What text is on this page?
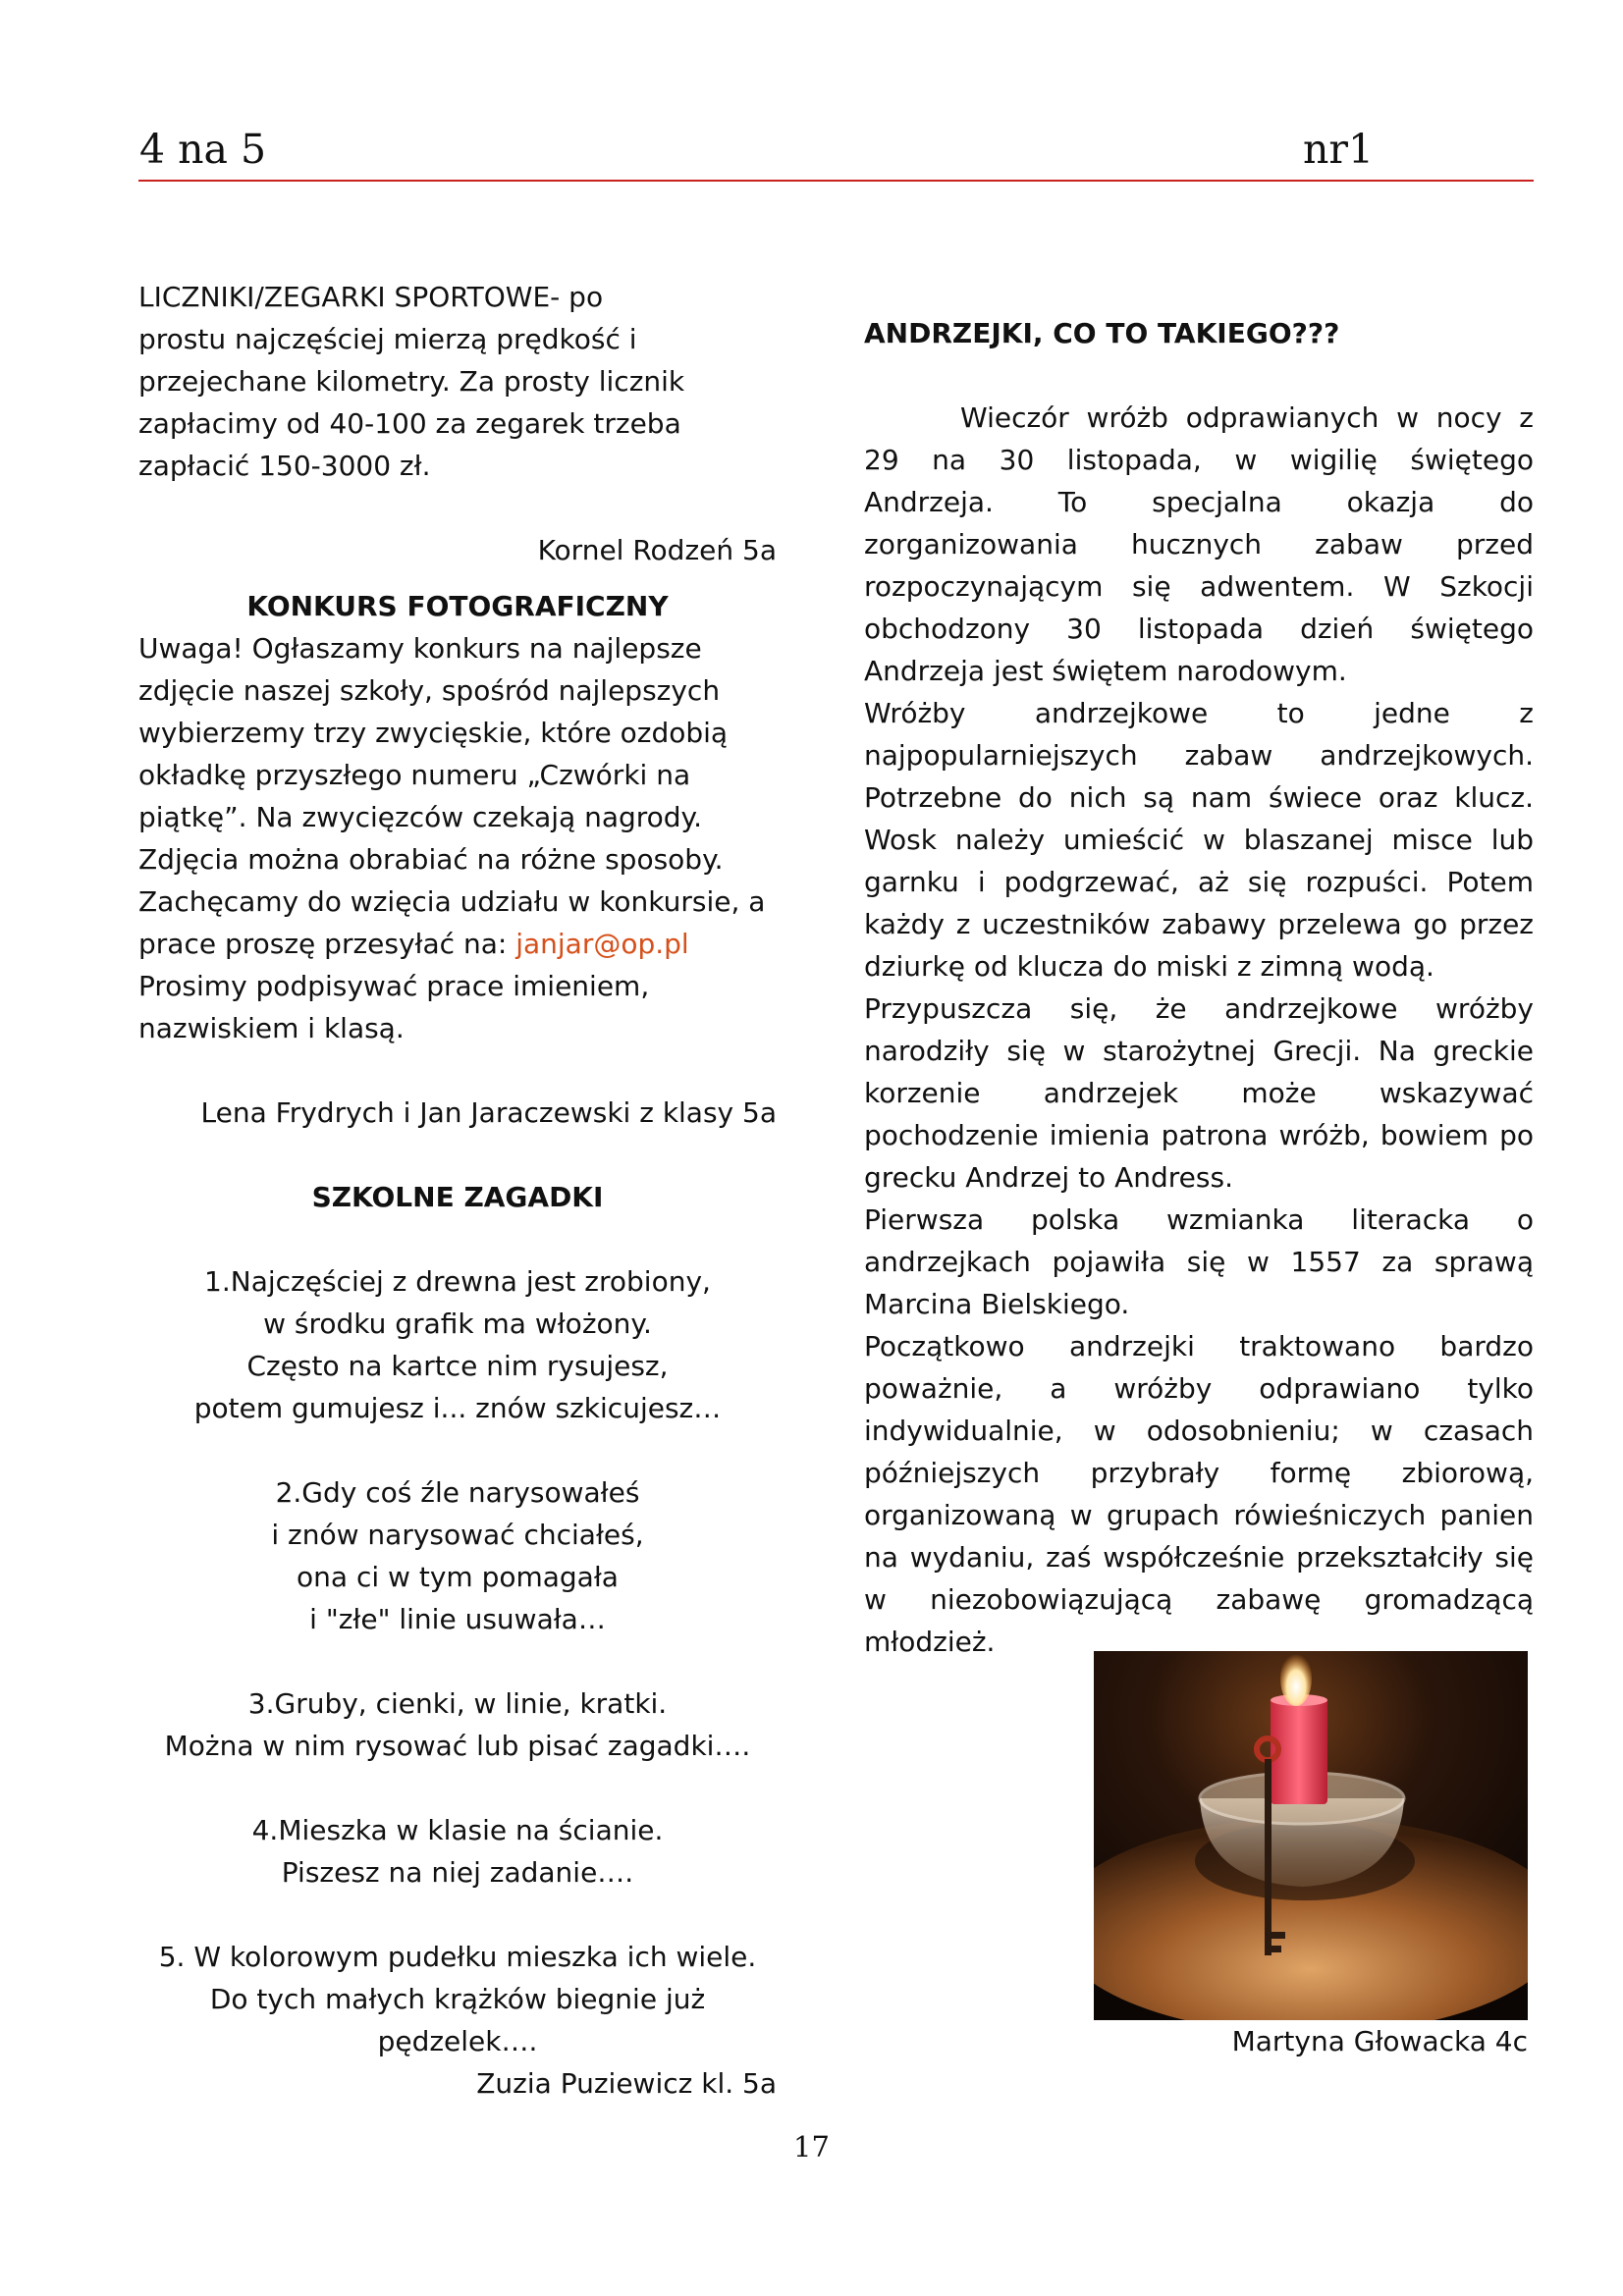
4 na 5	nr1
LICZNIKI/ZEGARKI SPORTOWE- po
prostu najczęściej mierzą prędkość i
przejechane kilometry. Za prosty licznik
zapłacimy od 40-100 za zegarek trzeba
zapłacić 150-3000 zł.
Kornel Rodzeń 5a
KONKURS FOTOGRAFICZNY
Uwaga! Ogłaszamy konkurs na najlepsze
zdjęcie naszej szkoły, spośród najlepszych
wybierzemy trzy zwycięskie, które ozdobią
okładkę przyszłego numeru „Czwórki na
piątkę”. Na zwycięzców czekają nagrody.
Zdjęcia można obrabiać na różne sposoby.
Zachęcamy do wzięcia udziału w konkursie, a
prace proszę przesyłać na: janjar@op.pl
Prosimy podpisywać prace imieniem,
nazwiskiem i klasą.
Lena Frydrych i Jan Jaraczewski z klasy 5a
SZKOLNE ZAGADKI
1.Najczęściej z drewna jest zrobiony,
w środku grafik ma włożony.
Często na kartce nim rysujesz,
potem gumujesz i... znów szkicujesz…
2.Gdy coś źle narysowałeś
i znów narysować chciałeś,
ona ci w tym pomagała
i "złe" linie usuwała…
3.Gruby, cienki, w linie, kratki.
Można w nim rysować lub pisać zagadki….
4.Mieszka w klasie na ścianie.
Piszesz na niej zadanie….
5. W kolorowym pudełku mieszka ich wiele.
Do tych małych krążków biegnie już
pędzelek….
Zuzia Puziewicz kl. 5a
ANDRZEJKI, CO TO TAKIEGO???
Wieczór wróżb odprawianych w nocy z
29 na 30 listopada, w wigilię świętego
Andrzeja. To specjalna okazja do
zorganizowania hucznych zabaw przed
rozpoczynającym się adwentem. W Szkocji
obchodzony 30 listopada dzień świętego
Andrzeja jest świętem narodowym.
Wróżby andrzejkowe to jedne z
najpopularniejszych zabaw andrzejkowych.
Potrzebne do nich są nam świece oraz klucz.
Wosk należy umieścić w blaszanej misce lub
garnku i podgrzewać, aż się rozpuści. Potem
każdy z uczestników zabawy przelewa go przez
dziurkę od klucza do miski z zimną wodą.
Przypuszcza się, że andrzejkowe wróżby
narodziły się w starożytnej Grecji. Na greckie
korzenie andrzejek może wskazywać
pochodzenie imienia patrona wróżb, bowiem po
grecku Andrzej to Andress.
Pierwsza polska wzmianka literacka o
andrzejkach pojawiła się w 1557 za sprawą
Marcina Bielskiego.
Początkowo andrzejki traktowano bardzo
poważnie, a wróżby odprawiano tylko
indywidualnie, w odosobnieniu; w czasach
późniejszych przybrały formę zbiorową,
organizowaną w grupach rówieśniczych panien
na wydaniu, zaś współcześnie przekształciły się
w niezobowiązującą zabawę gromadzącą
młodzież.
Martyna Głowacka 4c
17
